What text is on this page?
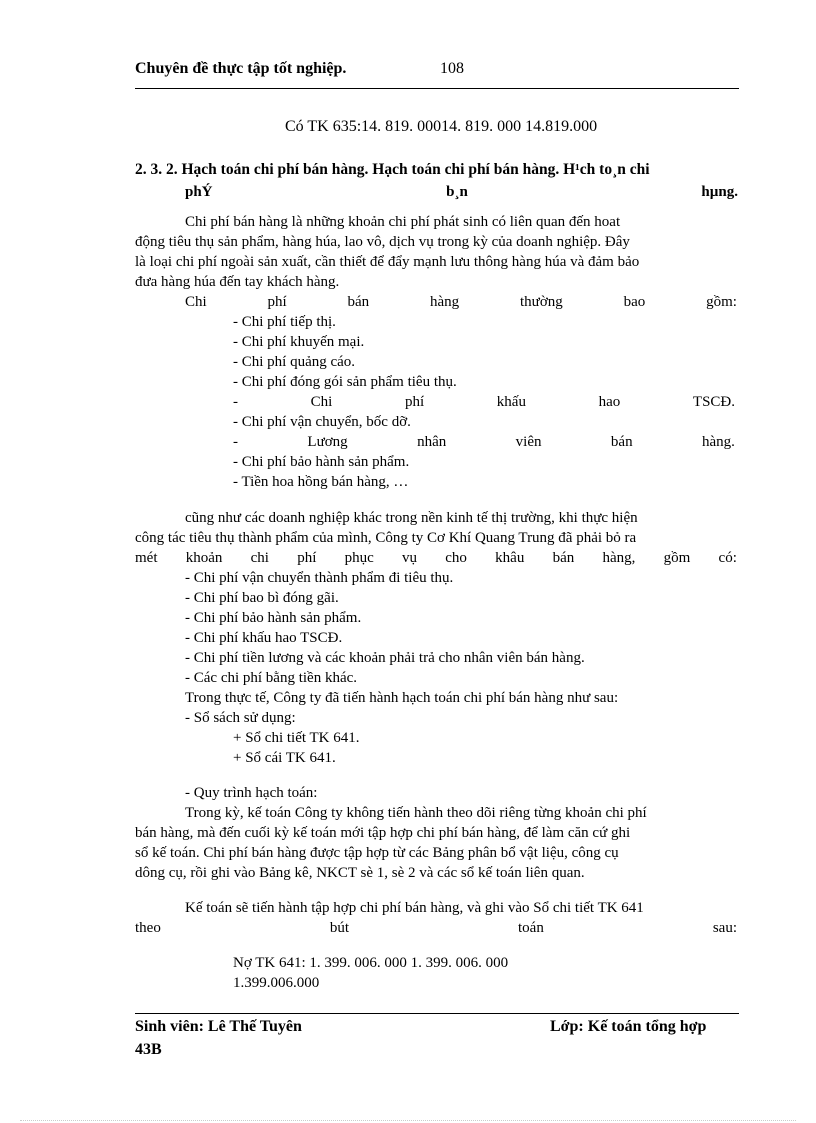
Chuyên đề thực tập tốt nghiệp.	108
Có TK 635:14. 819. 00014. 819. 000 14.819.000
2. 3. 2. Hạch toán chi phí bán hàng. Hạch toán chi phí bán hàng. H¹ch to¸n chi
phÝ	b¸n	hµng.
Chi phí bán hàng là những khoản chi phí phát sinh có liên quan đến hoat
động tiêu thụ sản phẩm, hàng húa, lao vô, dịch vụ trong kỳ của doanh nghiệp. Đây
là loại chi phí ngoài sản xuất, cần thiết để đẩy mạnh lưu thông hàng húa và đảm bảo
đưa hàng húa đến tay khách hàng.
Chi	phí	bán	hàng	thường	bao	gồm:
- Chi phí tiếp thị.
- Chi phí khuyến mại.
- Chi phí quảng cáo.
- Chi phí đóng gói sản phẩm tiêu thụ.
-	Chi	phí	khấu	hao	TSCĐ.
- Chi phí vận chuyển, bốc dỡ.
-	Lương	nhân	viên	bán	hàng.
- Chi phí bảo hành sản phẩm.
- Tiền hoa hồng bán hàng, …
cũng như các doanh nghiệp khác trong nền kinh tế thị trường, khi thực hiện
công tác tiêu thụ thành phẩm của mình, Công ty Cơ Khí Quang Trung đã phải bỏ ra
mét khoản chi phí phục vụ cho khâu bán hàng, gồm có:
- Chi phí vận chuyển thành phẩm đi tiêu thụ.
- Chi phí bao bì đóng gãi.
- Chi phí bảo hành sản phẩm.
- Chi phí khấu hao TSCĐ.
- Chi phí tiền lương và các khoản phải trả cho nhân viên bán hàng.
- Các chi phí bằng tiền khác.
Trong thực tế, Công ty đã tiến hành hạch toán chi phí bán hàng như sau:
- Sổ sách sử dụng:
+ Sổ chi tiết TK 641.
+ Sổ cái TK 641.
- Quy trình hạch toán:
Trong kỳ, kế toán Công ty không tiến hành theo dõi riêng từng khoản chi phí
bán hàng, mà đến cuối kỳ kế toán mới tập hợp chi phí bán hàng, để làm căn cứ ghi
sổ kế toán. Chi phí bán hàng được tập hợp từ các Bảng phân bổ vật liệu, công cụ
dông cụ, rồi ghi vào Bảng kê, NKCT sè 1, sè 2 và các sổ kế toán liên quan.
Kế toán sẽ tiến hành tập hợp chi phí bán hàng, và ghi vào Sổ chi tiết TK 641
theo	bút	toán	sau:
Nợ TK 641: 1. 399. 006. 000 1. 399. 006. 000
1.399.006.000
Sinh viên: Lê Thế Tuyên	Lớp: Kế toán tổng hợp
43B
